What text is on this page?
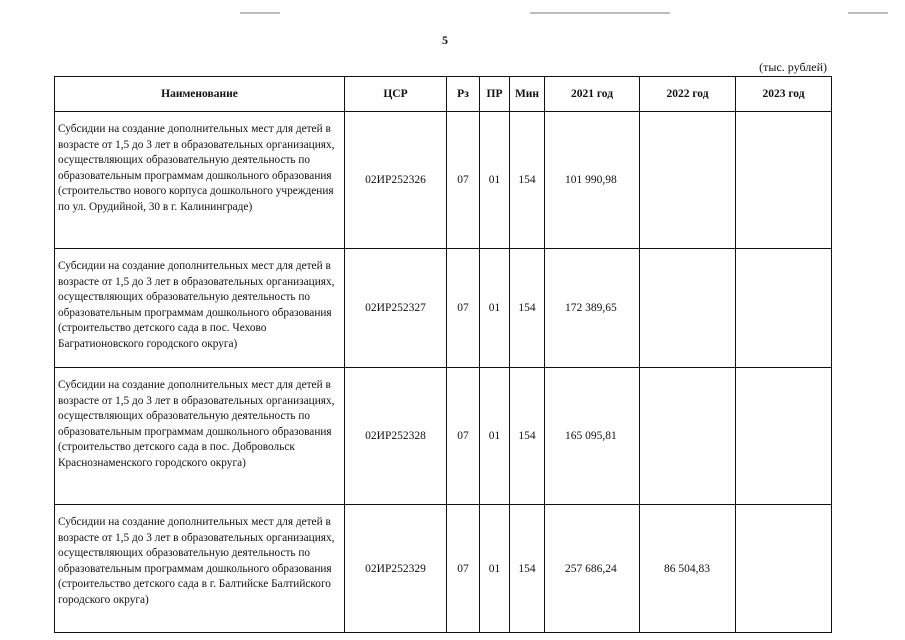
5
(тыс. рублей)
Наименование	ЦСР	Рз	ПР	Мин	2021 год	2022 год	2023 год
Субсидии на создание дополнительных мест для детей в возрасте от 1,5 до 3 лет в образовательных организациях, осуществляющих образовательную деятельность по образовательным программам дошкольного образования (строительство нового корпуса дошкольного учреждения по ул. Орудийной, 30 в г. Калининграде)	02ИР252326	07	01	154	101 990,98		
Субсидии на создание дополнительных мест для детей в возрасте от 1,5 до 3 лет в образовательных организациях, осуществляющих образовательную деятельность по образовательным программам дошкольного образования (строительство детского сада в пос. Чехово Багратионовского городского округа)	02ИР252327	07	01	154	172 389,65		
Субсидии на создание дополнительных мест для детей в возрасте от 1,5 до 3 лет в образовательных организациях, осуществляющих образовательную деятельность по образовательным программам дошкольного образования (строительство детского сада в пос. Добровольск Краснознаменского городского округа)	02ИР252328	07	01	154	165 095,81		
Субсидии на создание дополнительных мест для детей в возрасте от 1,5 до 3 лет в образовательных организациях, осуществляющих образовательную деятельность по образовательным программам дошкольного образования (строительство детского сада в г. Балтийске Балтийского городского округа)	02ИР252329	07	01	154	257 686,24	86 504,83	
